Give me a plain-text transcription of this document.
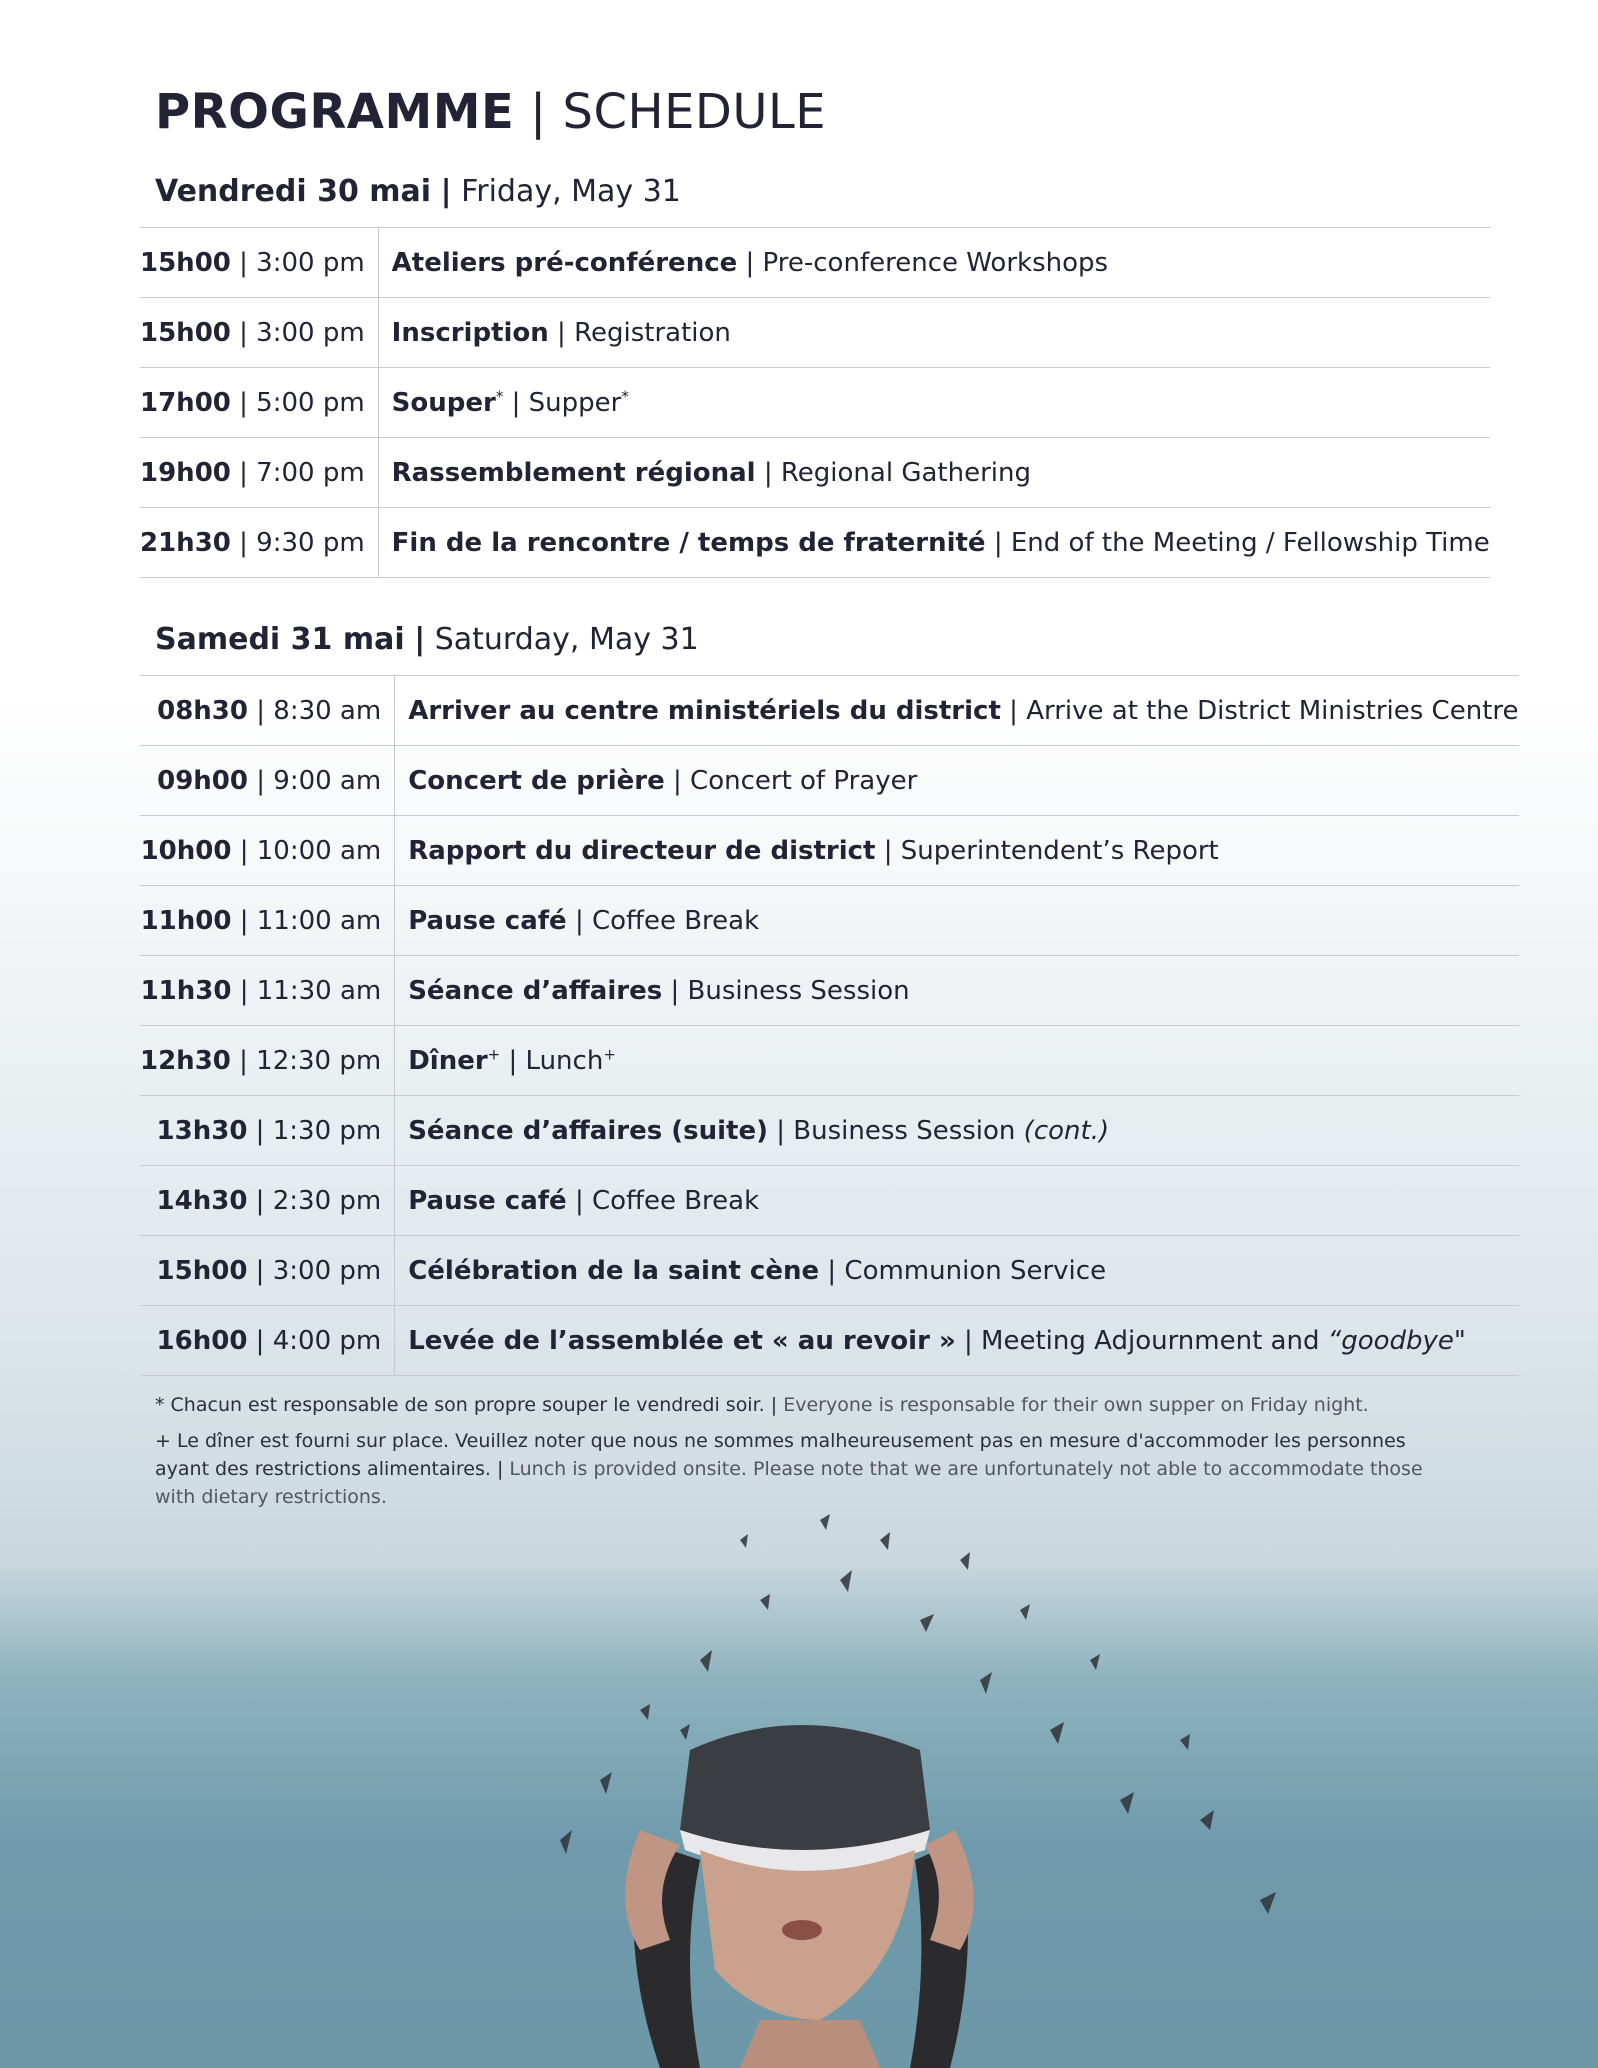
PROGRAMME | SCHEDULE
Vendredi 30 mai | Friday, May 31
15h00 | 3:00 pm	Ateliers pré-conférence | Pre-conference Workshops
15h00 | 3:00 pm	Inscription | Registration
17h00 | 5:00 pm	Souper* | Supper*
19h00 | 7:00 pm	Rassemblement régional | Regional Gathering
21h30 | 9:30 pm	Fin de la rencontre / temps de fraternité | End of the Meeting / Fellowship Time
Samedi 31 mai | Saturday, May 31
08h30 | 8:30 am	Arriver au centre ministériels du district | Arrive at the District Ministries Centre
09h00 | 9:00 am	Concert de prière | Concert of Prayer
10h00 | 10:00 am	Rapport du directeur de district | Superintendent’s Report
11h00 | 11:00 am	Pause café | Coffee Break
11h30 | 11:30 am	Séance d’affaires | Business Session
12h30 | 12:30 pm	Dîner+ | Lunch+
13h30 | 1:30 pm	Séance d’affaires (suite) | Business Session (cont.)
14h30 | 2:30 pm	Pause café | Coffee Break
15h00 | 3:00 pm	Célébration de la saint cène | Communion Service
16h00 | 4:00 pm	Levée de l’assemblée et « au revoir » | Meeting Adjournment and “goodbye"

* Chacun est responsable de son propre souper le vendredi soir. | Everyone is responsable for their own supper on Friday night.

+ Le dîner est fourni sur place. Veuillez noter que nous ne sommes malheureusement pas en mesure d'accommoder les personnes ayant des restrictions alimentaires. | Lunch is provided onsite. Please note that we are unfortunately not able to accommodate those with dietary restrictions.
